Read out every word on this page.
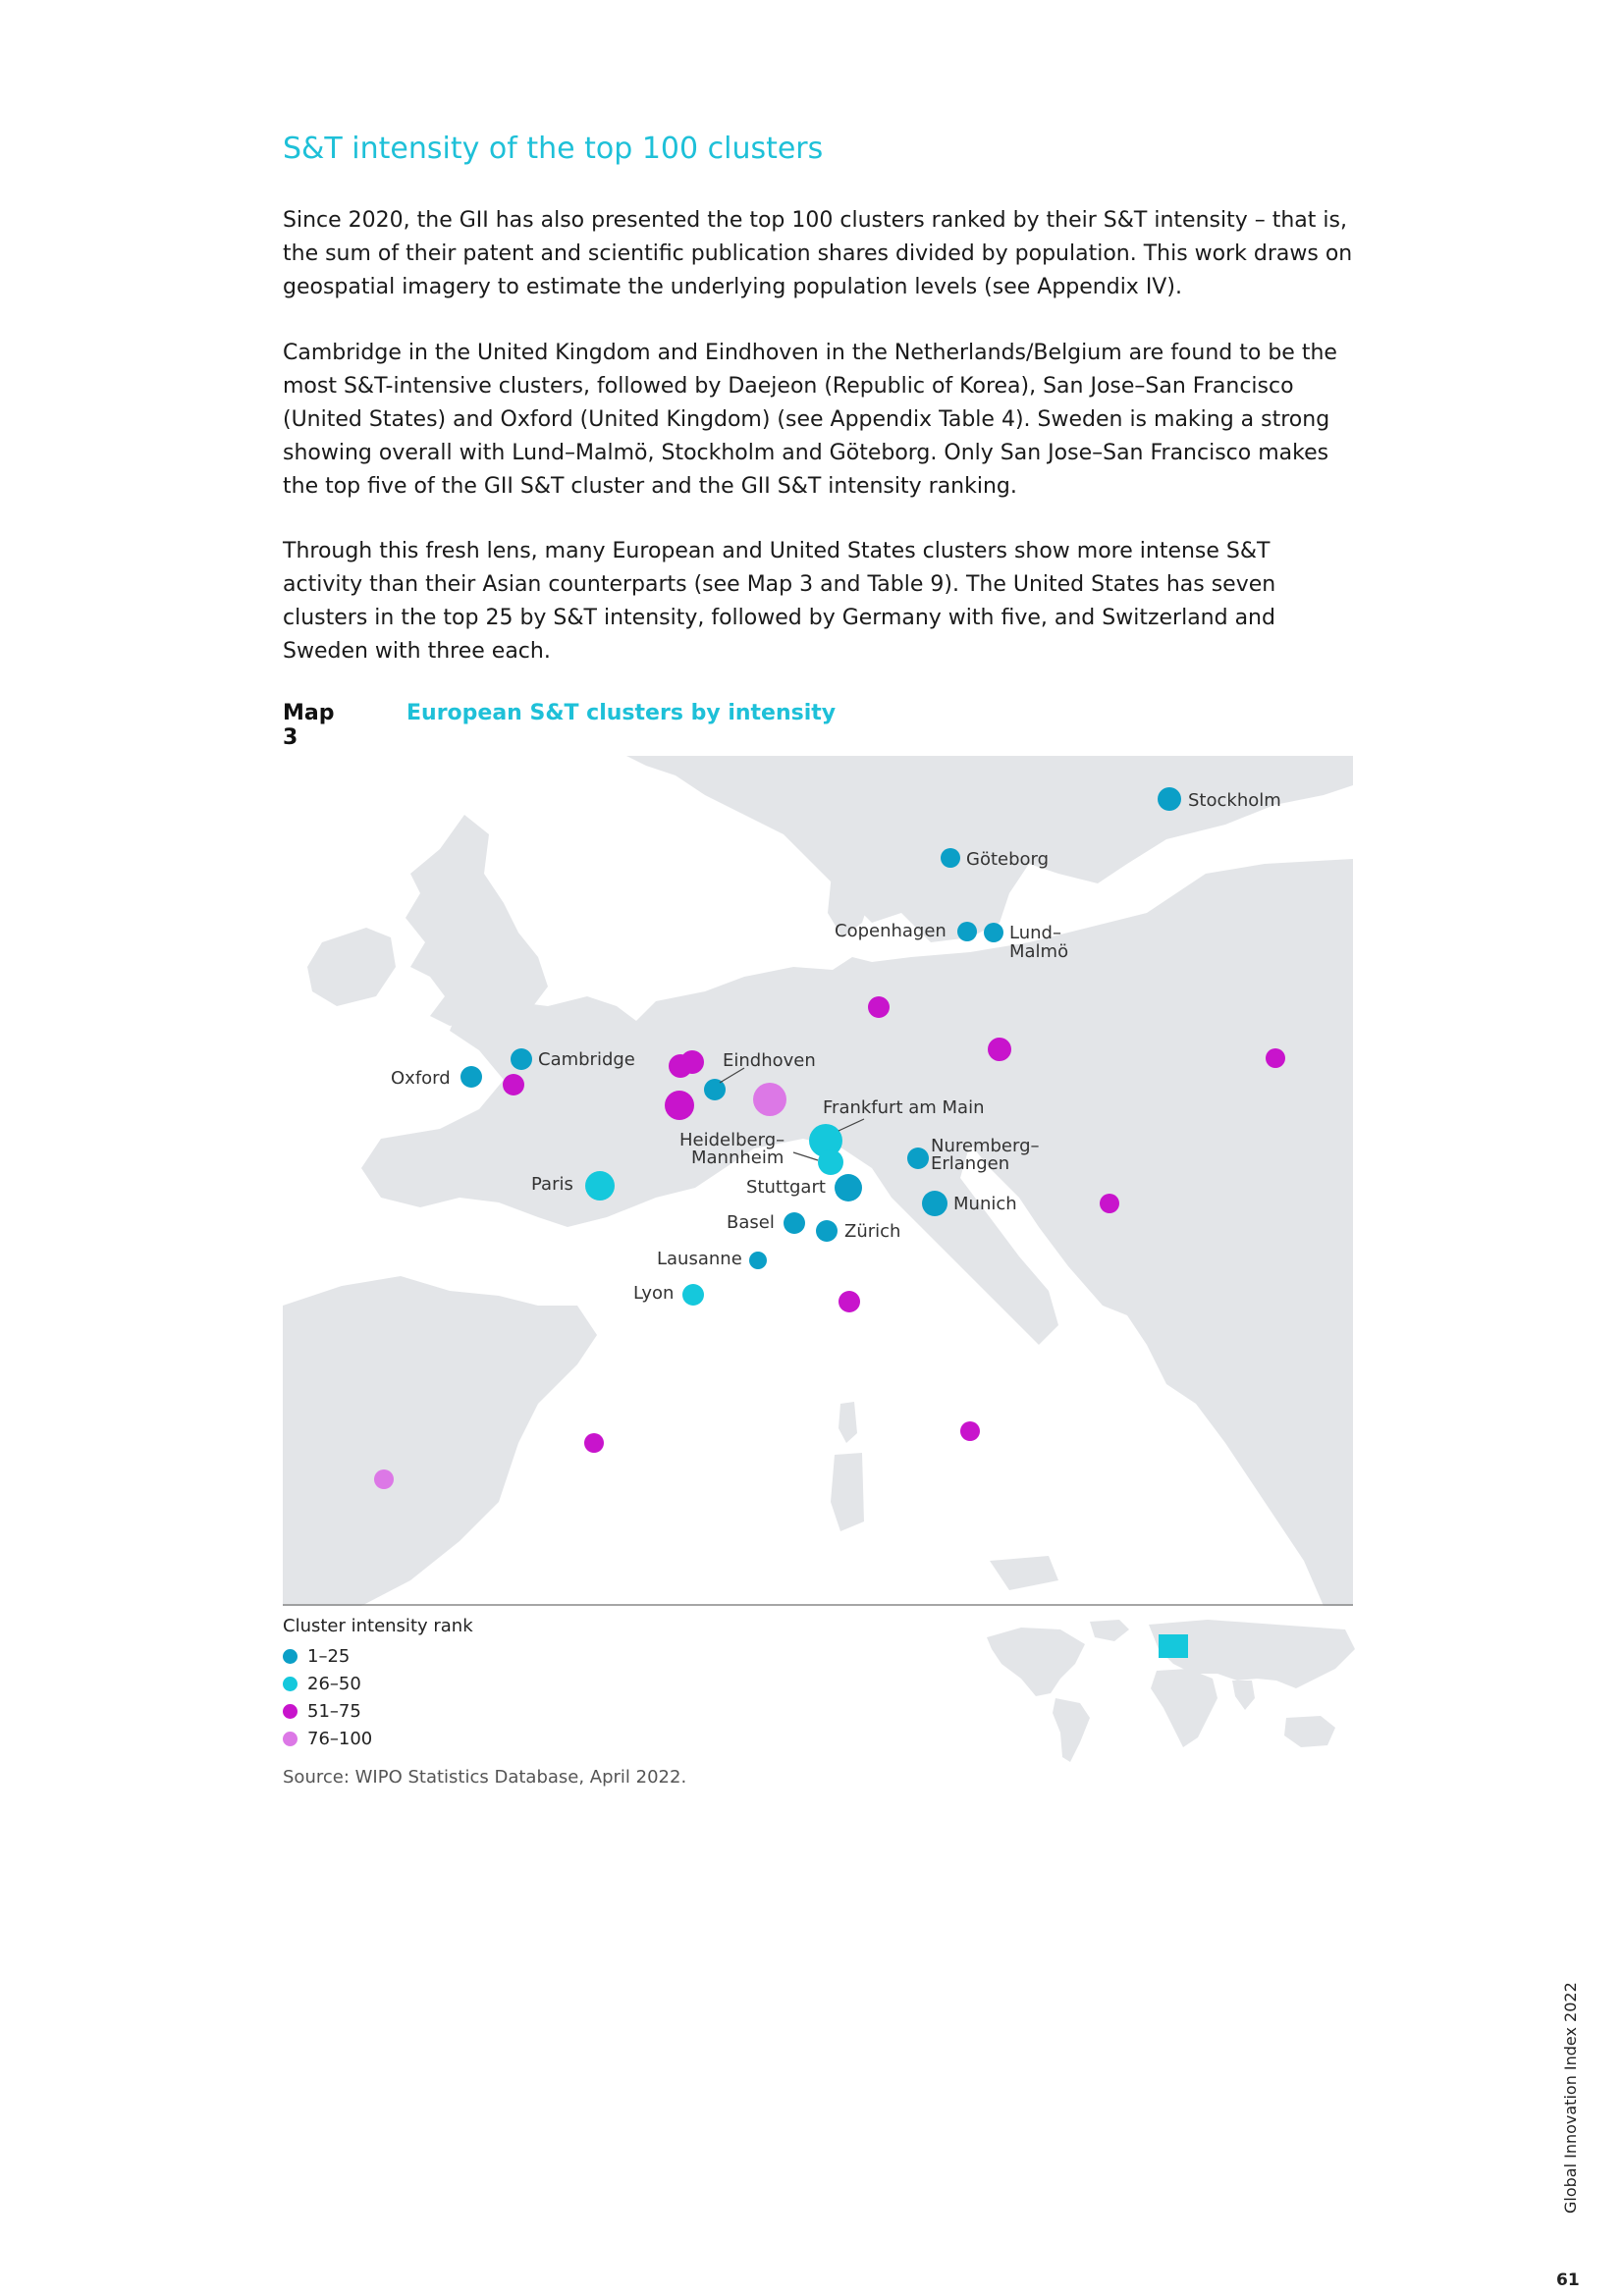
S&T intensity of the top 100 clusters

Since 2020, the GII has also presented the top 100 clusters ranked by their S&T intensity – that is, the sum of their patent and scientific publication shares divided by population. This work draws on geospatial imagery to estimate the underlying population levels (see Appendix IV).

Cambridge in the United Kingdom and Eindhoven in the Netherlands/Belgium are found to be the most S&T-intensive clusters, followed by Daejeon (Republic of Korea), San Jose–San Francisco (United States) and Oxford (United Kingdom) (see Appendix Table 4). Sweden is making a strong showing overall with Lund–Malmö, Stockholm and Göteborg. Only San Jose–San Francisco makes the top five of the GII S&T cluster and the GII S&T intensity ranking.

Through this fresh lens, many European and United States clusters show more intense S&T activity than their Asian counterparts (see Map 3 and Table 9). The United States has seven clusters in the top 25 by S&T intensity, followed by Germany with five, and Switzerland and Sweden with three each.

Map 3
European S&T clusters by intensity
Stockholm
Göteborg
Copenhagen	Lund–
Malmö
Cambridge
Oxford
Eindhoven
Frankfurt am Main
Heidelberg–
Mannheim
Nuremberg–
Erlangen
Paris	Stuttgart
Munich
Basel	Zürich
Lausanne
Lyon

Cluster intensity rank

1–25
26–50
51–75
76–100
Source: WIPO Statistics Database, April 2022.
Global Innovation Index 2022
61
